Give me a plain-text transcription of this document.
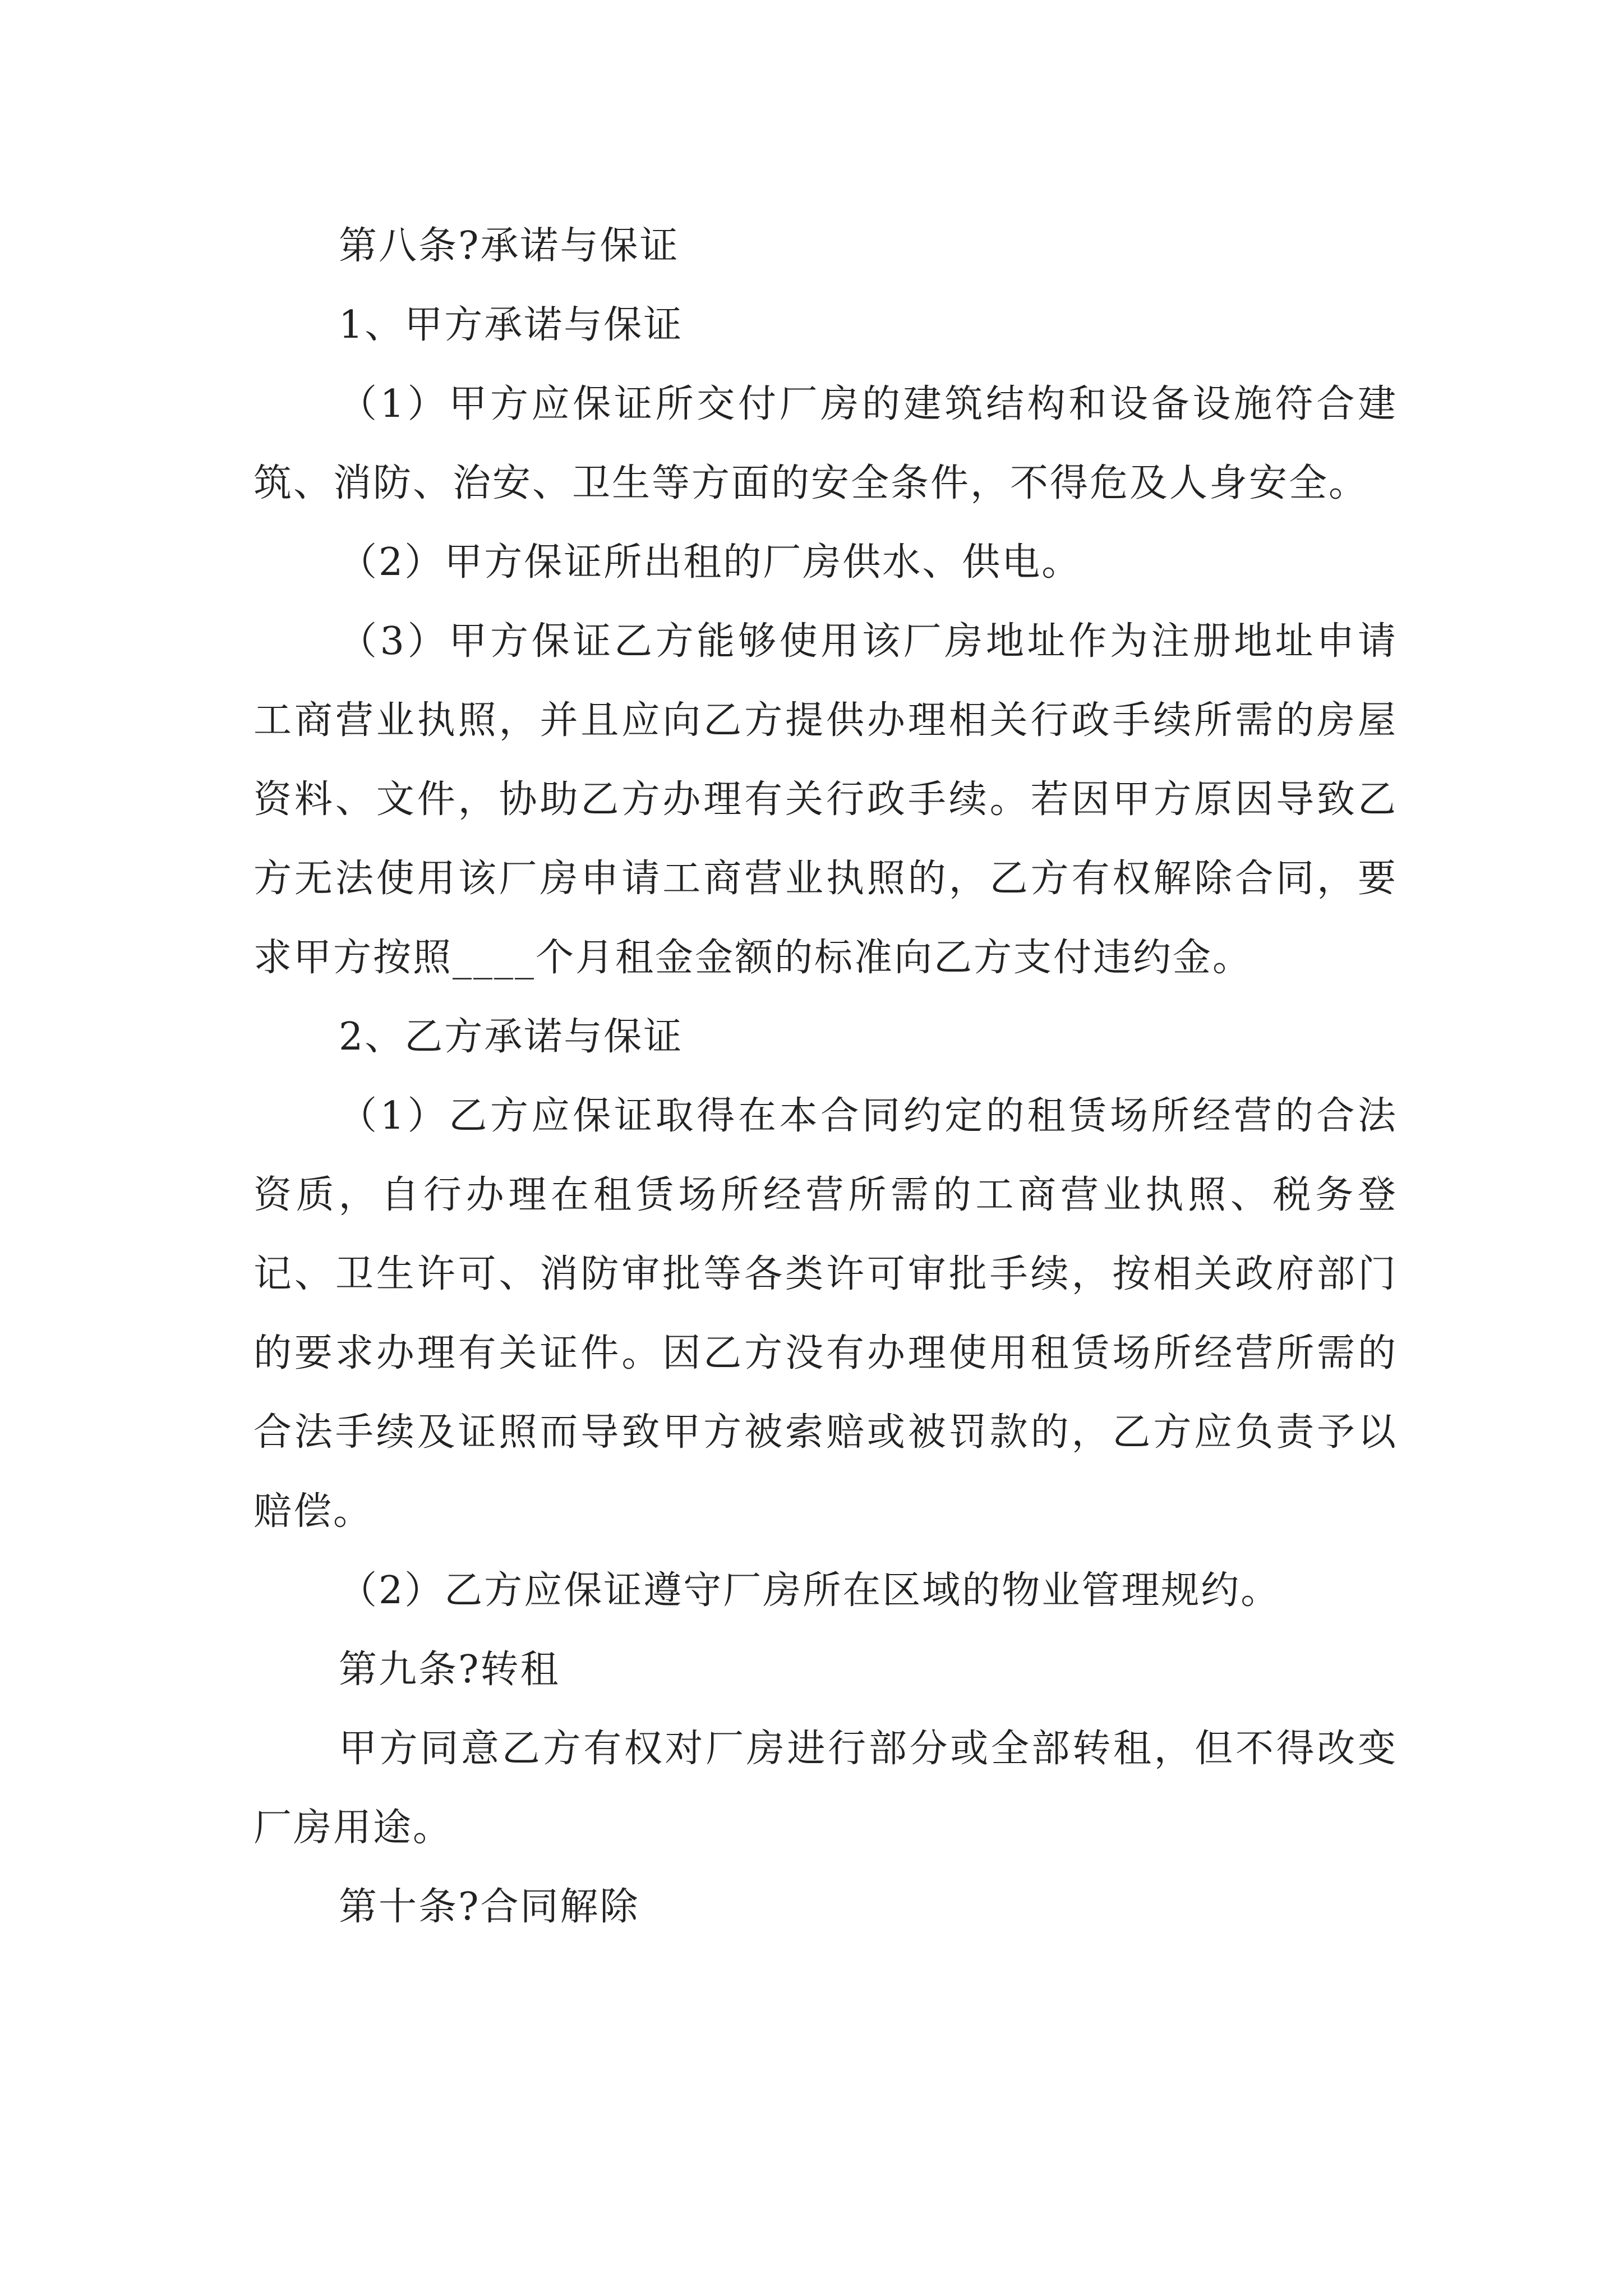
第八条?承诺与保证

1、甲方承诺与保证

（1）甲方应保证所交付厂房的建筑结构和设备设施符合建筑、消防、治安、卫生等方面的安全条件，不得危及人身安全。

（2）甲方保证所出租的厂房供水、供电。

（3）甲方保证乙方能够使用该厂房地址作为注册地址申请工商营业执照，并且应向乙方提供办理相关行政手续所需的房屋资料、文件，协助乙方办理有关行政手续。若因甲方原因导致乙方无法使用该厂房申请工商营业执照的，乙方有权解除合同，要求甲方按照____个月租金金额的标准向乙方支付违约金。

2、乙方承诺与保证

（1）乙方应保证取得在本合同约定的租赁场所经营的合法资质，自行办理在租赁场所经营所需的工商营业执照、税务登记、卫生许可、消防审批等各类许可审批手续，按相关政府部门的要求办理有关证件。因乙方没有办理使用租赁场所经营所需的合法手续及证照而导致甲方被索赔或被罚款的，乙方应负责予以赔偿。

（2）乙方应保证遵守厂房所在区域的物业管理规约。

第九条?转租

甲方同意乙方有权对厂房进行部分或全部转租，但不得改变厂房用途。

第十条?合同解除
